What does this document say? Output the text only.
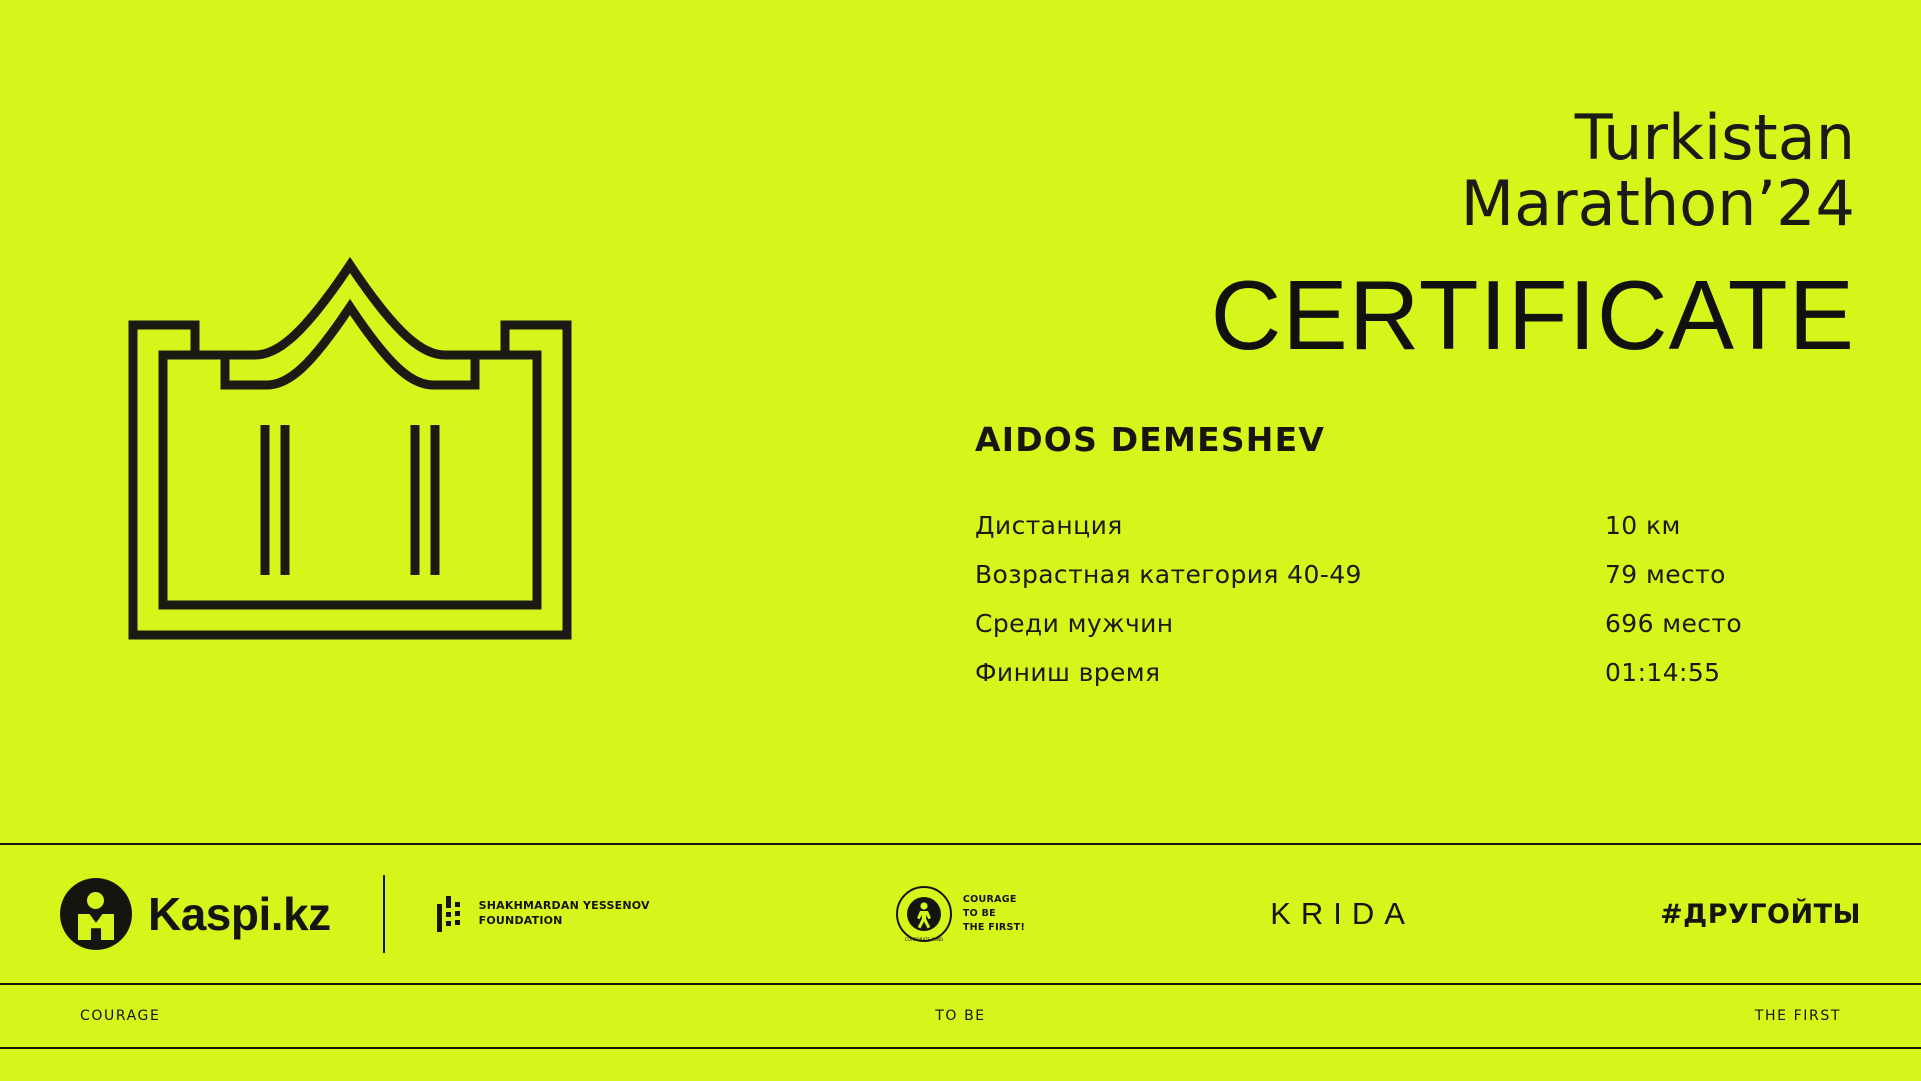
Turkistan
Marathon’24
CERTIFICATE
AIDOS DEMESHEV
Дистанция	10 км
Возрастная категория 40-49	79 место
Среди мужчин	696 место
Финиш время	01:14:55
Kaspi.kz	SHAKHMARDAN YESSENOV
FOUNDATION
CORPORATE FUND
COURAGE
TO BE
THE FIRST!	KRIDA	#ДРУГОЙТЫ
COURAGE	TO BE	THE FIRST
